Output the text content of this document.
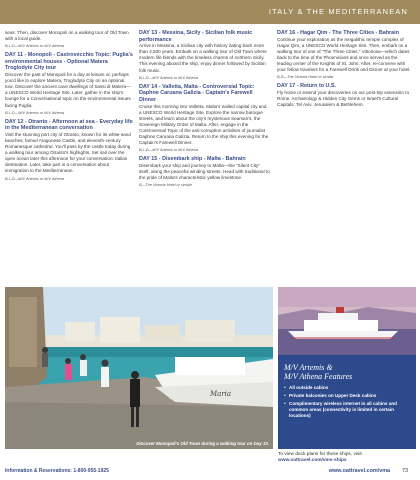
ITALY & THE MEDITERRANEAN
seas. Then, discover Monopoli on a walking tour of Old Town with a local guide.
B,L,D—M/V Artemis or M/V Athena
DAY 11 - Monopoli - Castrovecchio Topic: Puglia's environmental houses - Optional Matera Troglodyte City tour
Discover the past of Monopoli for a day at leisure or, perhaps you'd like to explore Matera, Troglodyte City on an optional tour. Discover the ancient cave dwellings of Sassi di Matera—a UNESCO World Heritage Site. Later, gather in the ship's lounge for a Conversational topic on the environmental issues facing Puglia.
B,L,D—M/V Artemis or M/V Athena
DAY 12 - Otranto - Afternoon at sea - Everyday life in the Mediterranean conversation
Visit the stunning port city of Otranto, known for its white-sand beaches, famed Aragonese Castle, and eleventh-century Romanesque cathedral. You'll pass by the castle today during a walking tour among Otranto's highlights. Set sail over the open ocean later this afternoon for your conversation: Italian destination. Later, take part in a conversation about immigration to the Mediterranean.
B,L,D—M/V Artemis or M/V Athena
DAY 13 - Messina, Sicily - Sicilian folk music performance
Arrive in Messina, a Sicilian city with history dating back more than 2,500 years. Embark on a walking tour of Old Town where modern life blends with the timeless charms of northern Sicily. This evening aboard the ship, enjoy dinner followed by Sicilian folk music.
B,L,D—M/V Artemis or M/V Athena
DAY 14 - Valletta, Malta - Controversial Topic: Daphne Caruana Galizia - Captain's Farewell Dinner
Cruise this morning into Valletta, Malta's walled capital city and a UNESCO World Heritage Site. Explore the narrow baroque streets, and learn about the city's mysterious Seaman's, the Sovereign Military Order of Malta. After, engage in the Controversial Topic of the anti-corruption activities of journalist Daphne Caruana Galizia. Return to the ship this evening for the Captain's Farewell Dinner.
B,L,D—M/V Artemis or M/V Athena
DAY 15 - Disembark ship - Malta - Bahrain
Disembark your ship and journey to Malta—the "Silent City" itself, along the peaceful winding streets. Head with traditional to the pride of Malta's characteristic yellow limestone.
B—The Victoria Hotel or similar
DAY 16 - Hagar Qim - The Three Cities - Bahrain
Continue your exploration as the megalithic temple complex of Hagar Qim, a UNESCO World Heritage Site. Then, embark on a walking tour of one of "The Three Cities," Vittoriosa—which dates back to the time of the Phoenicians and once served as the leading center of the Knights of St. John. After, re-convene with your fellow travelers for a Farewell Drink and Dinner at your hotel.
B,D—The Victoria Hotel or similar
DAY 17 - Return to U.S.
Fly home or extend your discoveries on our post-trip extension to Rome. Archaeology & Hidden City Gems or Israel's Cultural Capitals: Tel Aviv, Jerusalem & Bethlehem.
Maria
Discover Monopoli's Old Town during a walking tour on Day 10.
M/V Artemis &
M/V Athena Features
• All outside cabins
• Private balconies on Upper Deck cabins
• Complimentary wireless internet in all cabins and common areas (connectivity is limited in certain locations)
To view deck plans for these ships, visit
www.oattravel.com/vms-ships
Information & Reservations: 1-800-955-1925	www.oattravel.com/vma 73
